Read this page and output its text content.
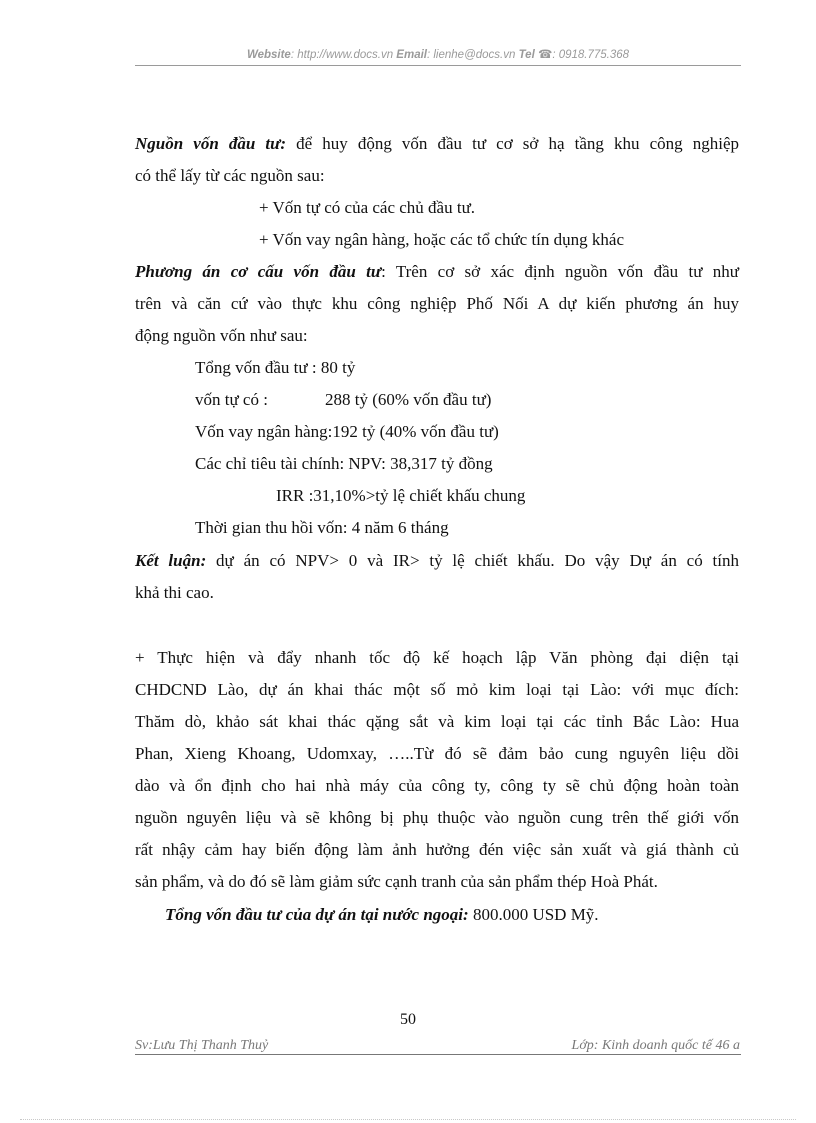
Website: http://www.docs.vn Email: lienhe@docs.vn Tel ☎: 0918.775.368
Nguồn vốn đầu tư: để huy động vốn đầu tư cơ sở hạ tầng khu công nghiệp
có thể lấy từ các nguồn sau:
+ Vốn tự có của các chủ đầu tư.
+ Vốn vay ngân hàng, hoặc các tổ chức tín dụng khác
Phương án cơ cấu vốn đầu tư: Trên cơ sở xác định nguồn vốn đầu tư như
trên và căn cứ vào thực khu công nghiệp Phố Nối A dự kiến phương án huy
động nguồn vốn như sau:
Tổng vốn đầu tư : 80 tỷ
vốn tự có :	288 tỷ (60% vốn đầu tư)
Vốn vay ngân hàng:192 tỷ (40% vốn đầu tư)
Các chỉ tiêu tài chính: NPV: 38,317 tỷ đồng
IRR :31,10%>tỷ lệ chiết khấu chung
Thời gian thu hồi vốn: 4 năm 6 tháng
Kết luận: dự án có NPV> 0 và IR> tỷ lệ chiết khấu. Do vậy Dự án có tính
khả thi cao.
+ Thực hiện và đẩy nhanh tốc độ kế hoạch lập Văn phòng đại diện tại
CHDCND Lào, dự án khai thác một số mỏ kim loại tại Lào: với mục đích:
Thăm dò, khảo sát khai thác qặng sắt và kim loại tại các tỉnh Bắc Lào: Hua
Phan, Xieng Khoang, Udomxay, …..Từ đó sẽ đảm bảo cung nguyên liệu dồi
dào và ổn định cho hai nhà máy của công ty, công ty sẽ chủ động hoàn toàn
nguồn nguyên liệu và sẽ không bị phụ thuộc vào nguồn cung trên thế giới vốn
rất nhậy cảm hay biến động làm ảnh hưởng đén việc sản xuất và giá thành củ
sản phẩm, và do đó sẽ làm giảm sức cạnh tranh của sản phẩm thép Hoà Phát.
Tổng vốn đầu tư của dự án tại nước ngoại: 800.000 USD Mỹ.
50
Sv:Lưu Thị Thanh Thuỷ	Lớp: Kinh doanh quốc tế 46 a
